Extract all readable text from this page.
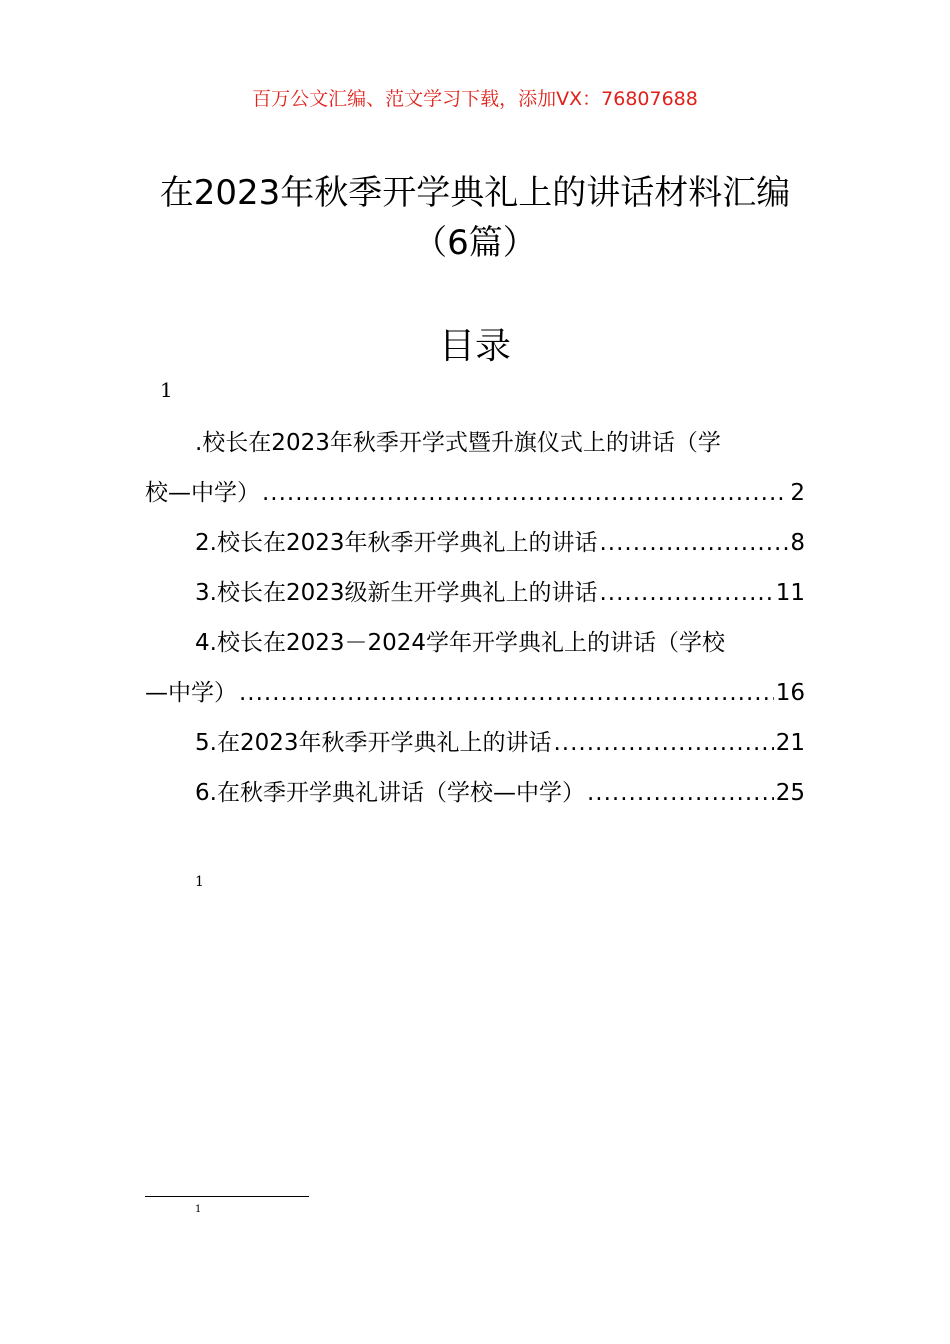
百万公文汇编、范文学习下载，添加VX：76807688
在2023年秋季开学典礼上的讲话材料汇编
（6篇）
目录
1
.校长在2023年秋季开学式暨升旗仪式上的讲话（学
校—中学） .....	2
2.校长在2023年秋季开学典礼上的讲话 .....	8
3.校长在2023级新生开学典礼上的讲话 .....	11
4.校长在2023－2024学年开学典礼上的讲话（学校
—中学） .....	16
5.在2023年秋季开学典礼上的讲话 .....	21
6.在秋季开学典礼讲话（学校—中学） .....	25
1
1
